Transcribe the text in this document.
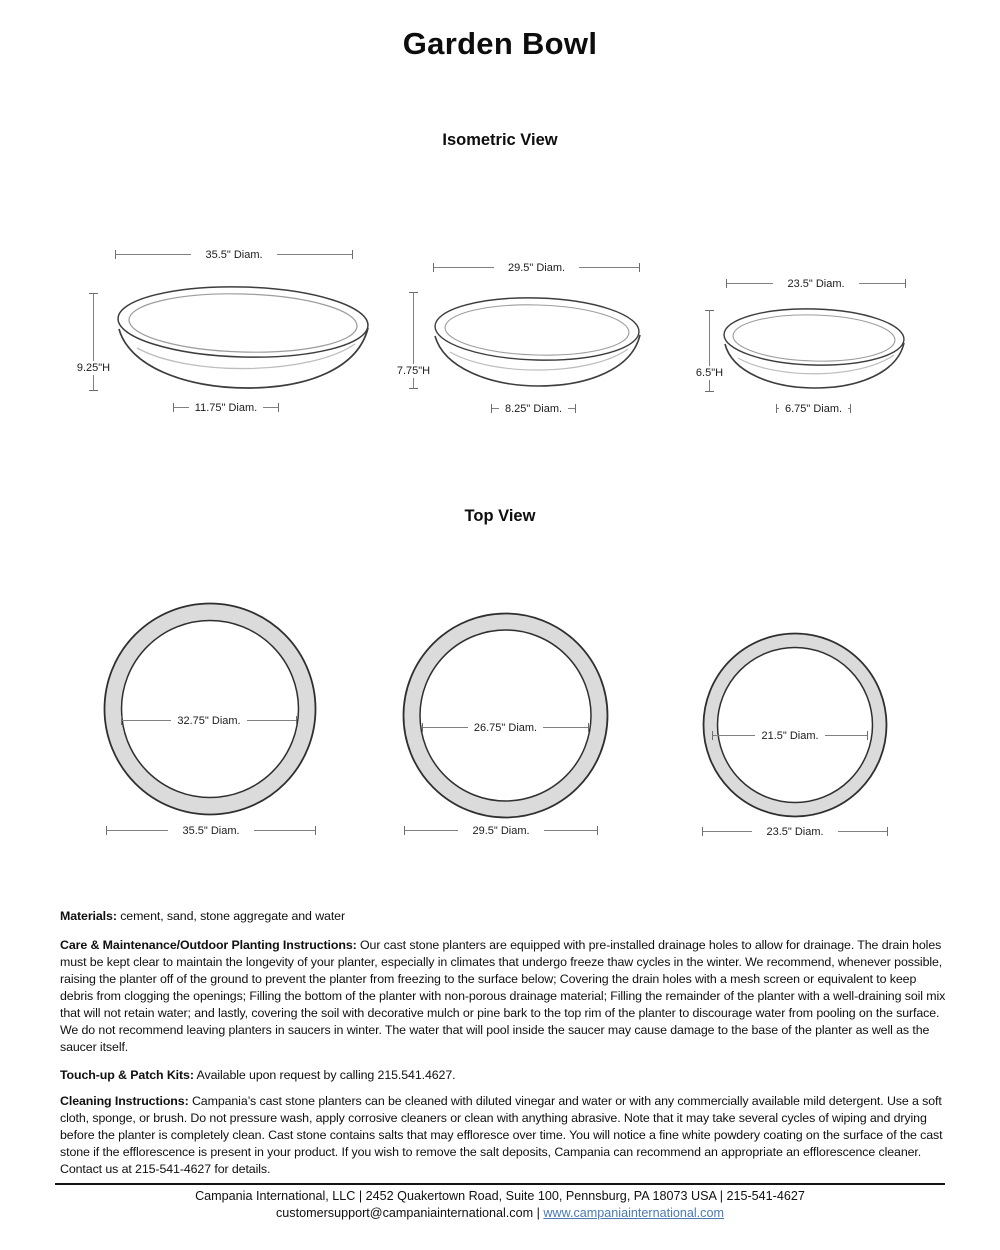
Garden Bowl
Isometric View
35.5" Diam.
9.25"H
11.75" Diam.
29.5" Diam.
7.75"H
8.25" Diam.
23.5" Diam.
6.5"H
6.75" Diam.
Top View
32.75" Diam.
35.5" Diam.
26.75" Diam.
29.5" Diam.
21.5" Diam.
23.5" Diam.

Materials: cement, sand, stone aggregate and water

Care & Maintenance/Outdoor Planting Instructions: Our cast stone planters are equipped with pre-installed drainage holes to allow for drainage. The drain holes must be kept clear to maintain the longevity of your planter, especially in climates that undergo freeze thaw cycles in the winter. We recommend, whenever possible, raising the planter off of the ground to prevent the planter from freezing to the surface below; Covering the drain holes with a mesh screen or equivalent to keep debris from clogging the openings; Filling the bottom of the planter with non-porous drainage material; Filling the remainder of the planter with a well-draining soil mix that will not retain water; and lastly, covering the soil with decorative mulch or pine bark to the top rim of the planter to discourage water from pooling on the surface. We do not recommend leaving planters in saucers in winter. The water that will pool inside the saucer may cause damage to the base of the planter as well as the saucer itself.

Touch-up & Patch Kits: Available upon request by calling 215.541.4627.

Cleaning Instructions: Campania’s cast stone planters can be cleaned with diluted vinegar and water or with any commercially available mild detergent. Use a soft cloth, sponge, or brush. Do not pressure wash, apply corrosive cleaners or clean with anything abrasive. Note that it may take several cycles of wiping and drying before the planter is completely clean. Cast stone contains salts that may effloresce over time. You will notice a fine white powdery coating on the surface of the cast stone if the efflorescence is present in your product. If you wish to remove the salt deposits, Campania can recommend an appropriate an efflorescence cleaner. Contact us at 215-541-4627 for details.

Campania International, LLC | 2452 Quakertown Road, Suite 100, Pennsburg, PA 18073 USA | 215-541-4627
customersupport@campaniainternational.com | www.campaniainternational.com
